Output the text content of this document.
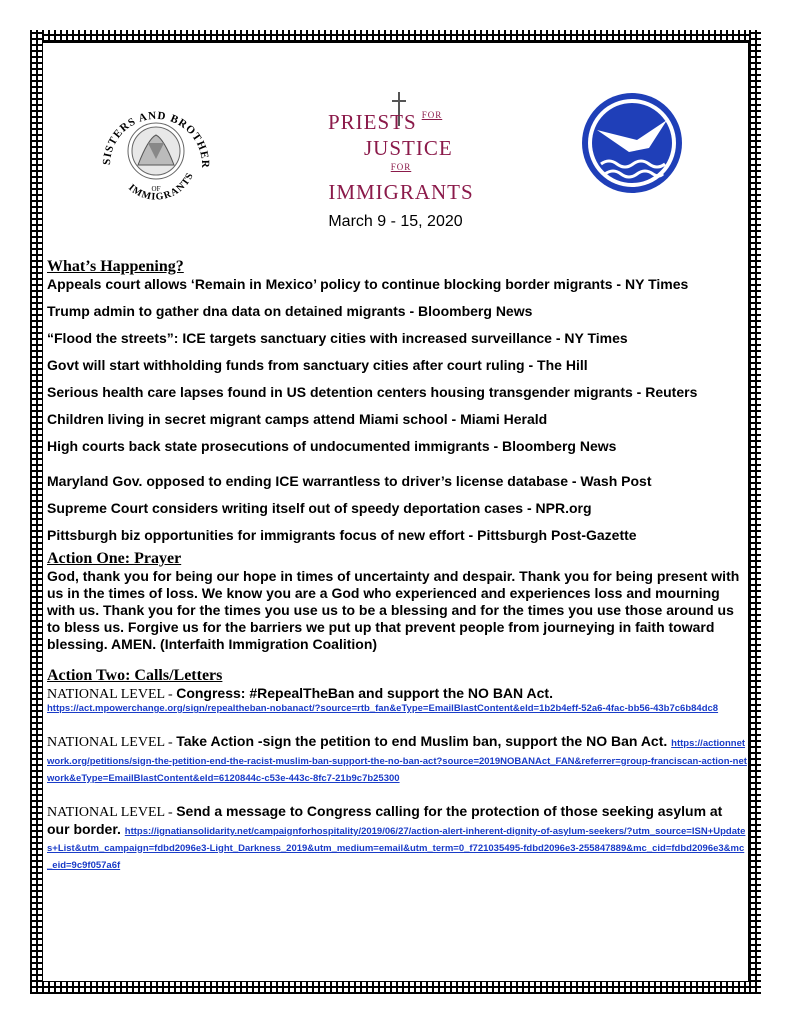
SISTERS AND BROTHER
OF
IMMIGRANTS
PRIESTS $^{FOR}$
JUSTICE
$^{FOR}$ IMMIGRANTS
March 9 - 15, 2020
What’s Happening?

Appeals court allows ‘Remain in Mexico’ policy to continue blocking border migrants - NY Times

Trump admin to gather dna data on detained migrants - Bloomberg News

“Flood the streets”: ICE targets sanctuary cities with increased surveillance - NY Times

Govt will start withholding funds from sanctuary cities after court ruling - The Hill

Serious health care lapses found in US detention centers housing transgender migrants - Reuters

Children living in secret migrant camps attend Miami school - Miami Herald

High courts back state prosecutions of undocumented immigrants - Bloomberg News

Maryland Gov. opposed to ending ICE warrantless to driver’s license database - Wash Post

Supreme Court considers writing itself out of speedy deportation cases - NPR.org

Pittsburgh biz opportunities for immigrants focus of new effort - Pittsburgh Post-Gazette

Action One: Prayer

God, thank you for being our hope in times of uncertainty and despair. Thank you for being present with us in the times of loss. We know you are a God who experienced and experiences loss and mourning with us. Thank you for the times you use us to be a blessing and for the times you use those around us to bless us. Forgive us for the barriers we put up that prevent people from journeying in faith toward blessing. AMEN. (Interfaith Immigration Coalition)

Action Two: Calls/Letters

NATIONAL LEVEL - Congress: #RepealTheBan and support the NO BAN Act.
https://act.mpowerchange.org/sign/repealtheban-nobanact/?source=rtb_fan&eType=EmailBlastContent&eId=1b2b4eff-52a6-4fac-bb56-43b7c6b84dc8

NATIONAL LEVEL - Take Action -sign the petition to end Muslim ban, support the NO Ban Act. https://actionnetwork.org/petitions/sign-the-petition-end-the-racist-muslim-ban-support-the-no-ban-act?source=2019NOBANAct_FAN&referrer=group-franciscan-action-network&eType=EmailBlastContent&eId=6120844c-c53e-443c-8fc7-21b9c7b25300

NATIONAL LEVEL - Send a message to Congress calling for the protection of those seeking asylum at our border. https://ignatiansolidarity.net/campaignforhospitality/2019/06/27/action-alert-inherent-dignity-of-asylum-seekers/?utm_source=ISN+Updates+List&utm_campaign=fdbd2096e3-Light_Darkness_2019&utm_medium=email&utm_term=0_f721035495-fdbd2096e3-255847889&mc_cid=fdbd2096e3&mc_eid=9c9f057a6f
